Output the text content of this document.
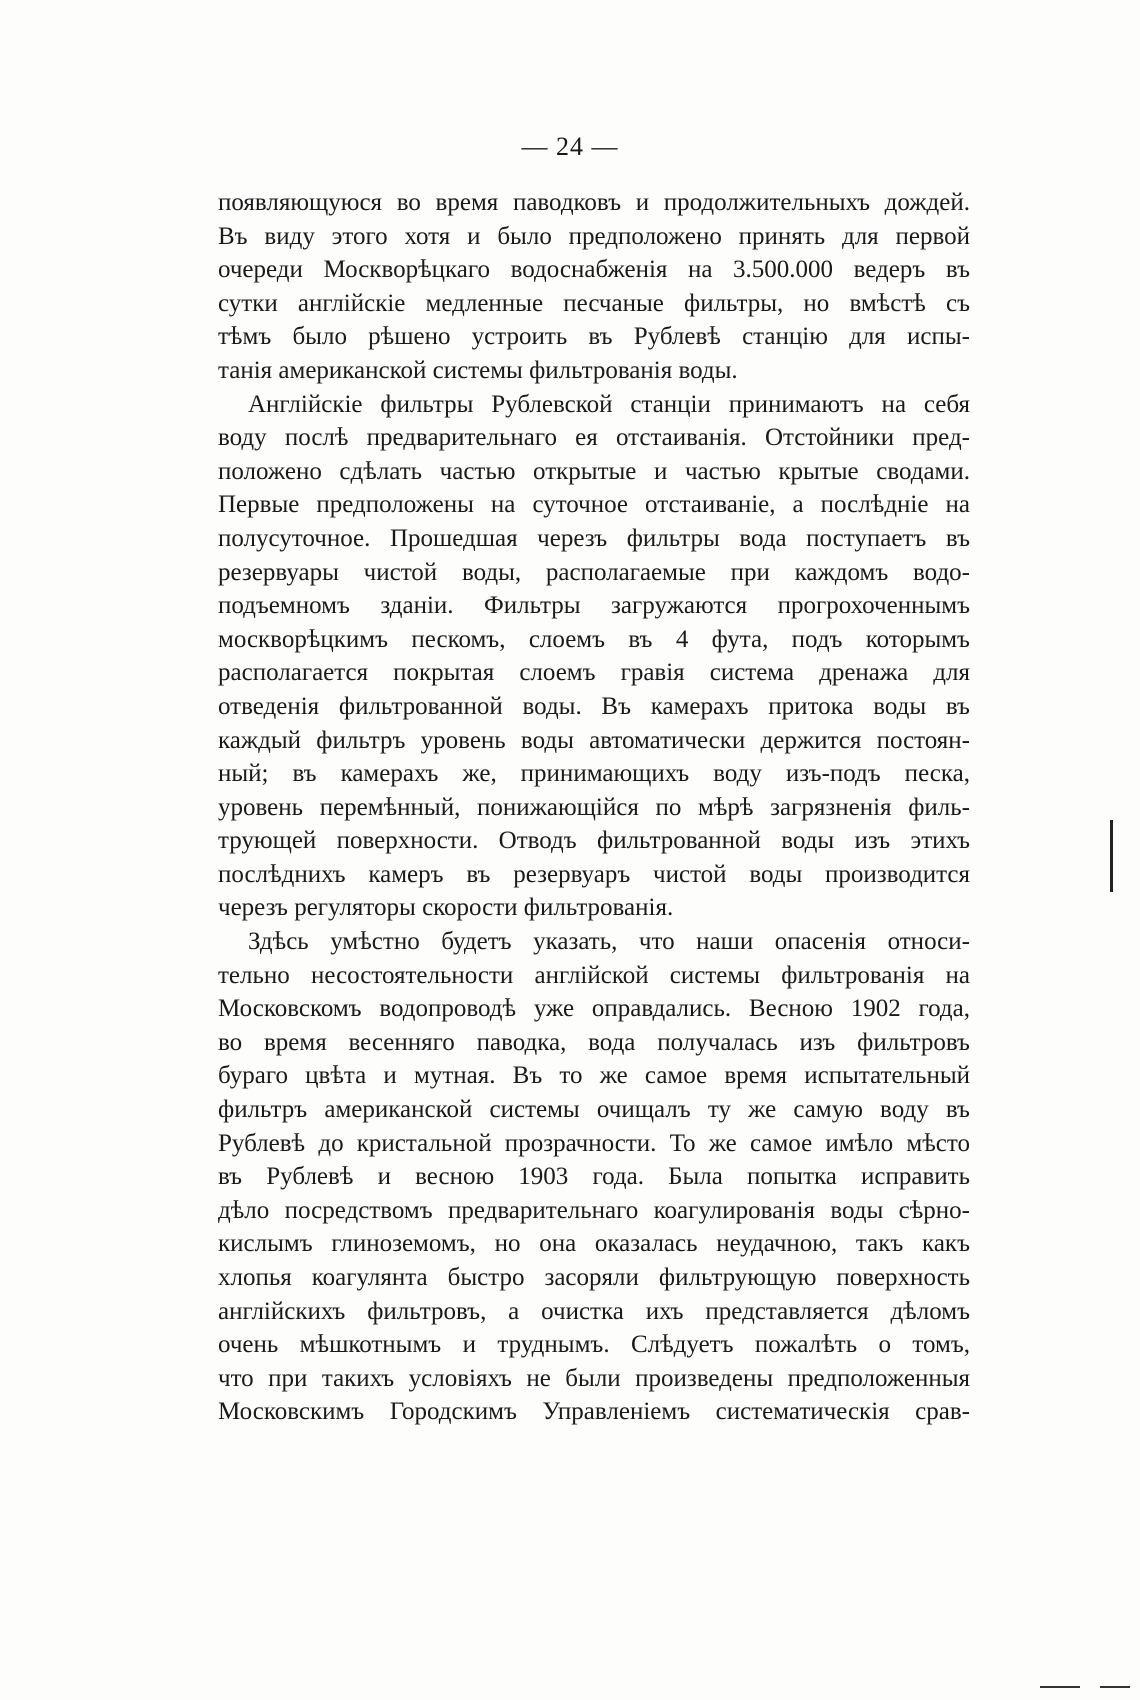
— 24 —
появляющуюся во время паводковъ и продолжительныхъ дождей.
Въ виду этого хотя и было предположено принять для первой
очереди Москворѣцкаго водоснабженія на 3.500.000 ведеръ въ
сутки англійскіе медленные песчаные фильтры, но вмѣстѣ съ
тѣмъ было рѣшено устроить въ Рублевѣ станцію для испы-
танія американской системы фильтрованія воды.
Англійскіе фильтры Рублевской станціи принимаютъ на себя
воду послѣ предварительнаго ея отстаиванія. Отстойники пред-
положено сдѣлать частью открытые и частью крытые сводами.
Первые предположены на суточное отстаиваніе, а послѣдніе на
полусуточное. Прошедшая черезъ фильтры вода поступаетъ въ
резервуары чистой воды, располагаемые при каждомъ водо-
подъемномъ зданіи. Фильтры загружаются прогрохоченнымъ
москворѣцкимъ пескомъ, слоемъ въ 4 фута, подъ которымъ
располагается покрытая слоемъ гравія система дренажа для
отведенія фильтрованной воды. Въ камерахъ притока воды въ
каждый фильтръ уровень воды автоматически держится постоян-
ный; въ камерахъ же, принимающихъ воду изъ-подъ песка,
уровень перемѣнный, понижающійся по мѣрѣ загрязненія филь-
трующей поверхности. Отводъ фильтрованной воды изъ этихъ
послѣднихъ камеръ въ резервуаръ чистой воды производится
черезъ регуляторы скорости фильтрованія.
Здѣсь умѣстно будетъ указать, что наши опасенія относи-
тельно несостоятельности англійской системы фильтрованія на
Московскомъ водопроводѣ уже оправдались. Весною 1902 года,
во время весенняго паводка, вода получалась изъ фильтровъ
бураго цвѣта и мутная. Въ то же самое время испытательный
фильтръ американской системы очищалъ ту же самую воду въ
Рублевѣ до кристальной прозрачности. То же самое имѣло мѣсто
въ Рублевѣ и весною 1903 года. Была попытка исправить
дѣло посредствомъ предварительнаго коагулированія воды сѣрно-
кислымъ глиноземомъ, но она оказалась неудачною, такъ какъ
хлопья коагулянта быстро засоряли фильтрующую поверхность
англійскихъ фильтровъ, а очистка ихъ представляется дѣломъ
очень мѣшкотнымъ и труднымъ. Слѣдуетъ пожалѣть о томъ,
что при такихъ условіяхъ не были произведены предположенныя
Московскимъ Городскимъ Управленіемъ систематическія срав-
